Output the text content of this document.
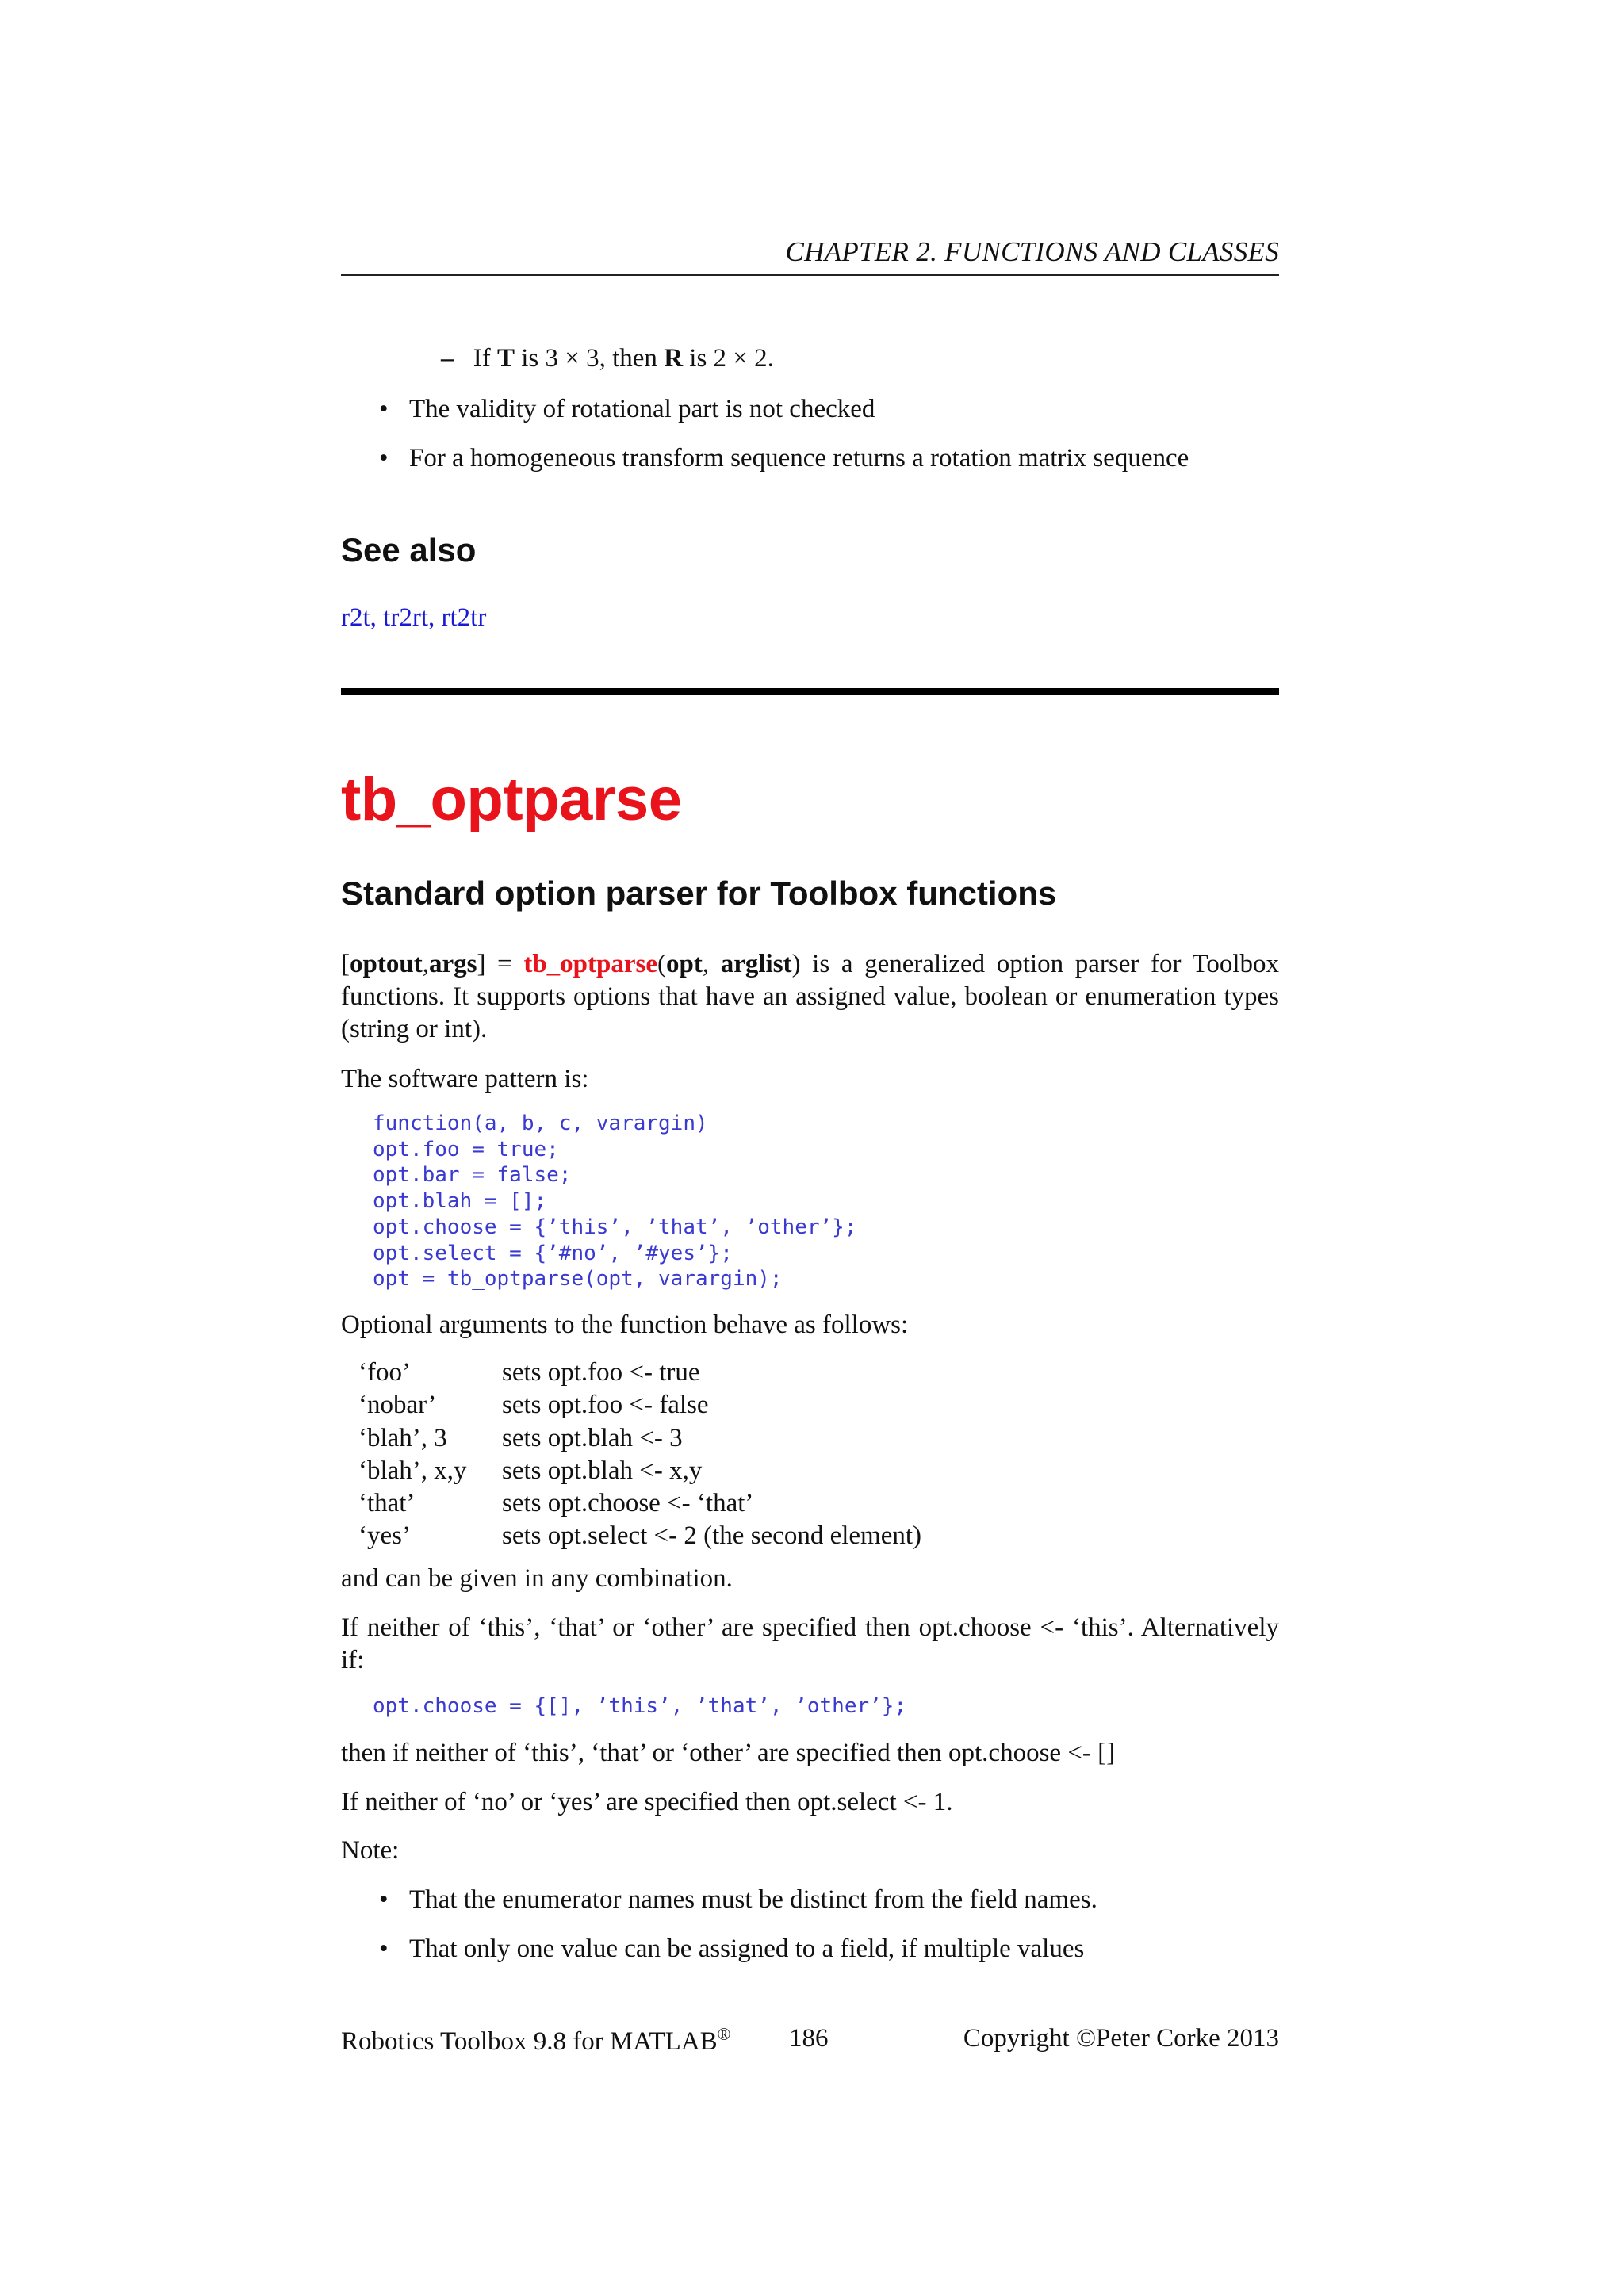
CHAPTER 2. FUNCTIONS AND CLASSES
– If T is 3 × 3, then R is 2 × 2.
• The validity of rotational part is not checked
• For a homogeneous transform sequence returns a rotation matrix sequence
See also
r2t, tr2rt, rt2tr
tb_optparse
Standard option parser for Toolbox functions
[optout,args] = tb_optparse(opt, arglist) is a generalized option parser for Toolbox functions. It supports options that have an assigned value, boolean or enumeration types (string or int).
The software pattern is:
function(a, b, c, varargin)
opt.foo = true;
opt.bar = false;
opt.blah = [];
opt.choose = {’this’, ’that’, ’other’};
opt.select = {’#no’, ’#yes’};
opt = tb_optparse(opt, varargin);
Optional arguments to the function behave as follows:
‘foo’	sets opt.foo <- true
‘nobar’	sets opt.foo <- false
‘blah’, 3	sets opt.blah <- 3
‘blah’, x,y	sets opt.blah <- x,y
‘that’	sets opt.choose <- ‘that’
‘yes’	sets opt.select <- 2 (the second element)
and can be given in any combination.
If neither of ‘this’, ‘that’ or ‘other’ are specified then opt.choose <- ‘this’. Alternatively if:
opt.choose = {[], ’this’, ’that’, ’other’};
then if neither of ‘this’, ‘that’ or ‘other’ are specified then opt.choose <- []
If neither of ‘no’ or ‘yes’ are specified then opt.select <- 1.
Note:
• That the enumerator names must be distinct from the field names.
• That only one value can be assigned to a field, if multiple values
Robotics Toolbox 9.8 for MATLAB® 186	Copyright ©Peter Corke 2013
